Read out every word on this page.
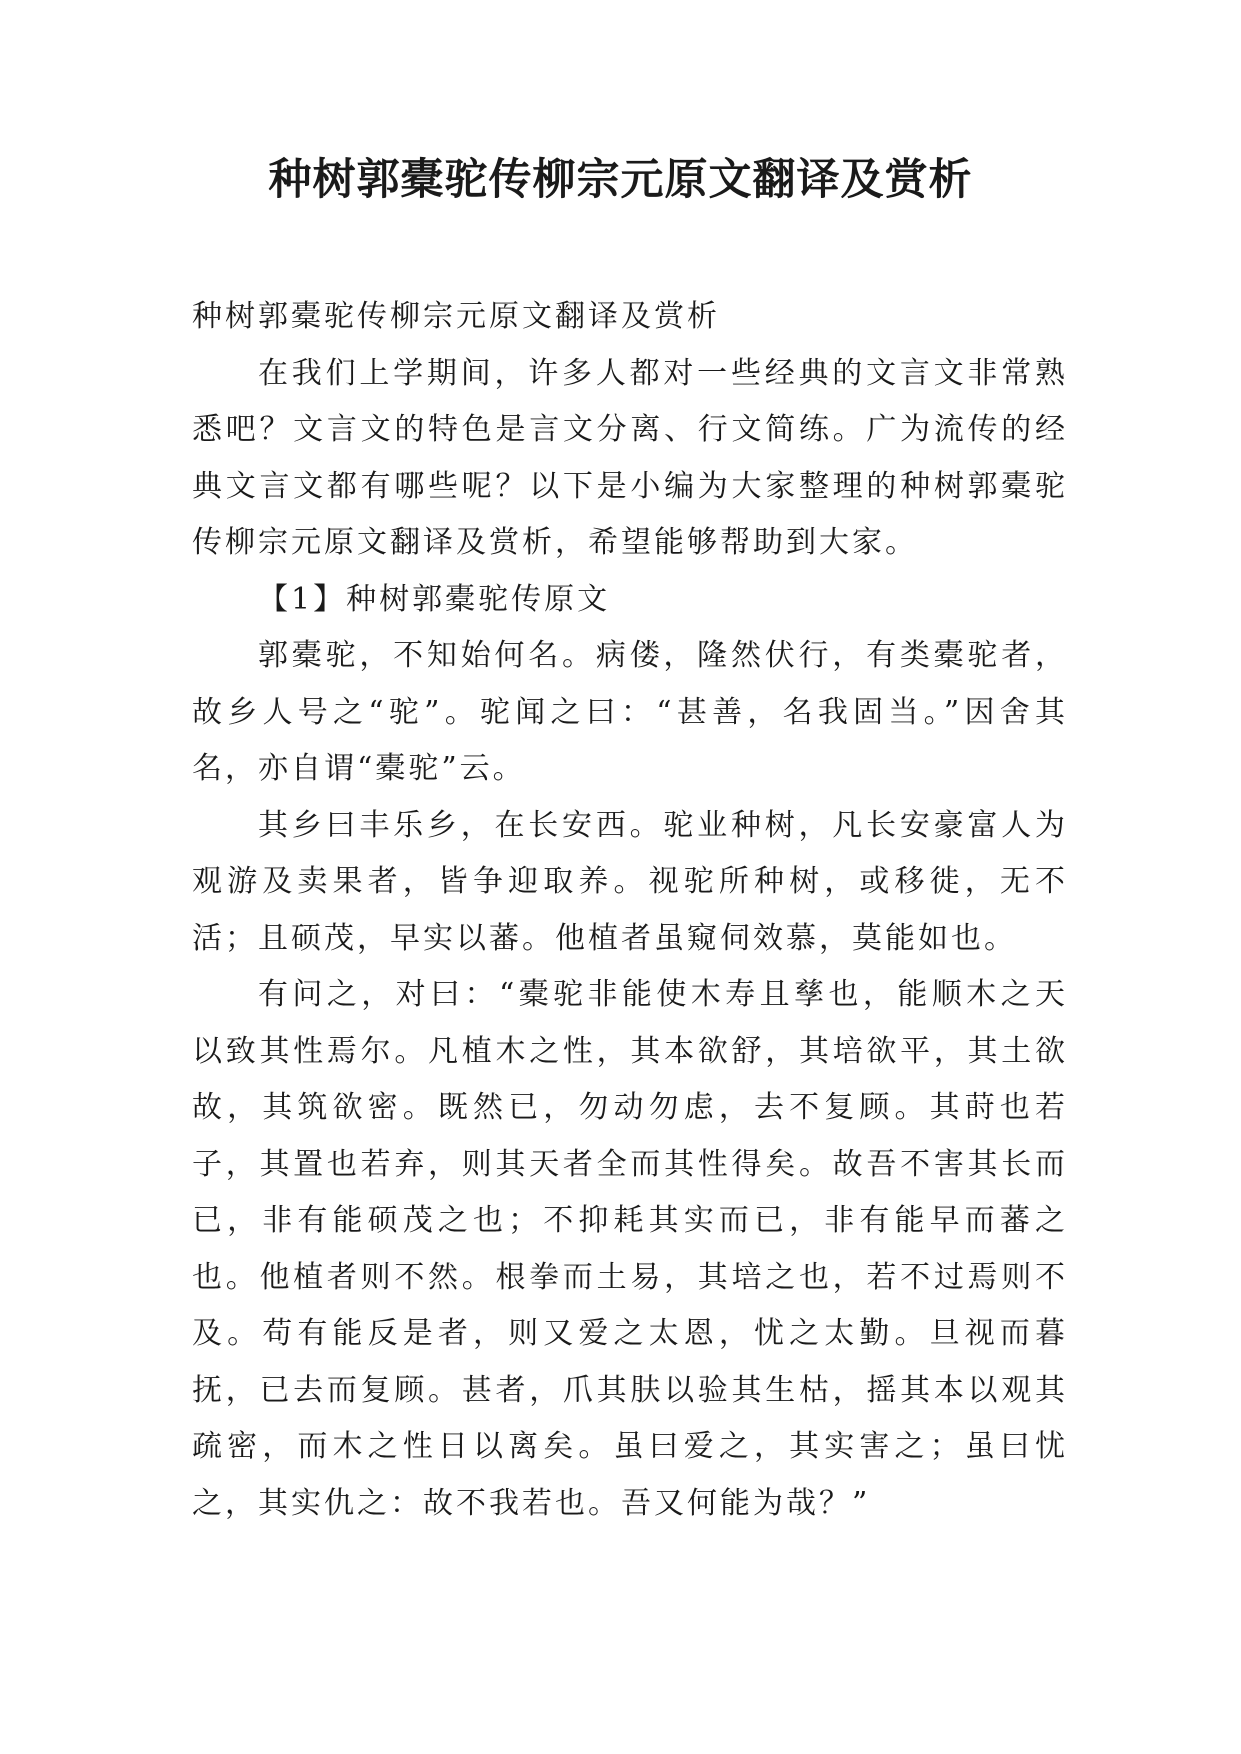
种树郭橐驼传柳宗元原文翻译及赏析

种树郭橐驼传柳宗元原文翻译及赏析

在我们上学期间，许多人都对一些经典的文言文非常熟悉吧？文言文的特色是言文分离、行文简练。广为流传的经典文言文都有哪些呢？以下是小编为大家整理的种树郭橐驼传柳宗元原文翻译及赏析，希望能够帮助到大家。

【1】种树郭橐驼传原文

郭橐驼，不知始何名。病偻，隆然伏行，有类橐驼者，故乡人号之“驼”。驼闻之曰：“甚善，名我固当。”因舍其名，亦自谓“橐驼”云。

其乡曰丰乐乡，在长安西。驼业种树，凡长安豪富人为观游及卖果者，皆争迎取养。视驼所种树，或移徙，无不活；且硕茂，早实以蕃。他植者虽窥伺效慕，莫能如也。

有问之，对曰：“橐驼非能使木寿且孳也，能顺木之天以致其性焉尔。凡植木之性，其本欲舒，其培欲平，其土欲故，其筑欲密。既然已，勿动勿虑，去不复顾。其莳也若子，其置也若弃，则其天者全而其性得矣。故吾不害其长而已，非有能硕茂之也；不抑耗其实而已，非有能早而蕃之也。他植者则不然。根拳而土易，其培之也，若不过焉则不及。苟有能反是者，则又爱之太恩，忧之太勤。旦视而暮抚，已去而复顾。甚者，爪其肤以验其生枯，摇其本以观其疏密，而木之性日以离矣。虽曰爱之，其实害之；虽曰忧之，其实仇之：故不我若也。吾又何能为哉？”
